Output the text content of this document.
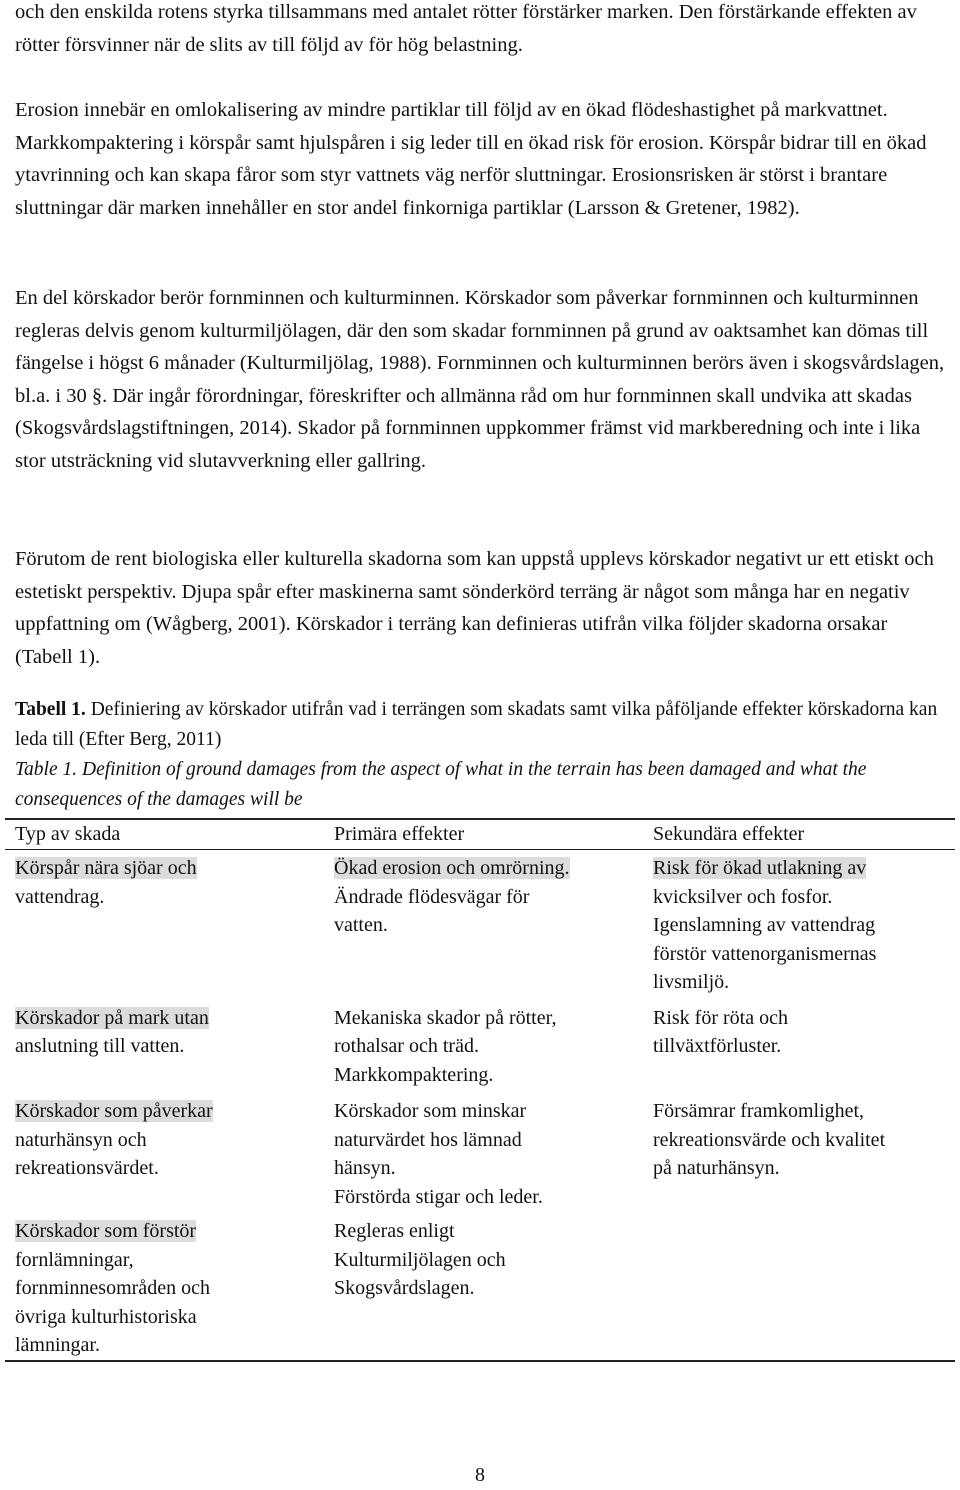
och den enskilda rotens styrka tillsammans med antalet rötter förstärker marken. Den förstärkande effekten av rötter försvinner när de slits av till följd av för hög belastning.

Erosion innebär en omlokalisering av mindre partiklar till följd av en ökad flödeshastighet på markvattnet. Markkompaktering i körspår samt hjulspåren i sig leder till en ökad risk för erosion. Körspår bidrar till en ökad ytavrinning och kan skapa fåror som styr vattnets väg nerför sluttningar. Erosionsrisken är störst i brantare sluttningar där marken innehåller en stor andel finkorniga partiklar (Larsson & Gretener, 1982).

En del körskador berör fornminnen och kulturminnen. Körskador som påverkar fornminnen och kulturminnen regleras delvis genom kulturmiljölagen, där den som skadar fornminnen på grund av oaktsamhet kan dömas till fängelse i högst 6 månader (Kulturmiljölag, 1988). Fornminnen och kulturminnen berörs även i skogsvårdslagen, bl.a. i 30 §. Där ingår förordningar, föreskrifter och allmänna råd om hur fornminnen skall undvika att skadas (Skogsvårdslagstiftningen, 2014). Skador på fornminnen uppkommer främst vid markberedning och inte i lika stor utsträckning vid slutavverkning eller gallring.

Förutom de rent biologiska eller kulturella skadorna som kan uppstå upplevs körskador negativt ur ett etiskt och estetiskt perspektiv. Djupa spår efter maskinerna samt sönderkörd terräng är något som många har en negativ uppfattning om (Wågberg, 2001). Körskador i terräng kan definieras utifrån vilka följder skadorna orsakar (Tabell 1).

Tabell 1. Definiering av körskador utifrån vad i terrängen som skadats samt vilka påföljande effekter körskadorna kan leda till (Efter Berg, 2011)

Table 1. Definition of ground damages from the aspect of what in the terrain has been damaged and what the consequences of the damages will be

Typ av skada	Primära effekter	Sekundära effekter
Körspår nära sjöar och
vattendrag.
Ökad erosion och omrörning.
Ändrade flödesvägar för
vatten.
Risk för ökad utlakning av
kvicksilver och fosfor.
Igenslamning av vattendrag
förstör vattenorganismernas
livsmiljö.
Körskador på mark utan
anslutning till vatten.
Mekaniska skador på rötter,
rothalsar och träd.
Markkompaktering.
Risk för röta och
tillväxtförluster.
Körskador som påverkar
naturhänsyn och
rekreationsvärdet.
Körskador som minskar
naturvärdet hos lämnad
hänsyn.
Förstörda stigar och leder.
Försämrar framkomlighet,
rekreationsvärde och kvalitet
på naturhänsyn.
Körskador som förstör
fornlämningar,
fornminnesområden och
övriga kulturhistoriska
lämningar.
Regleras enligt
Kulturmiljölagen och
Skogsvårdslagen.
8
